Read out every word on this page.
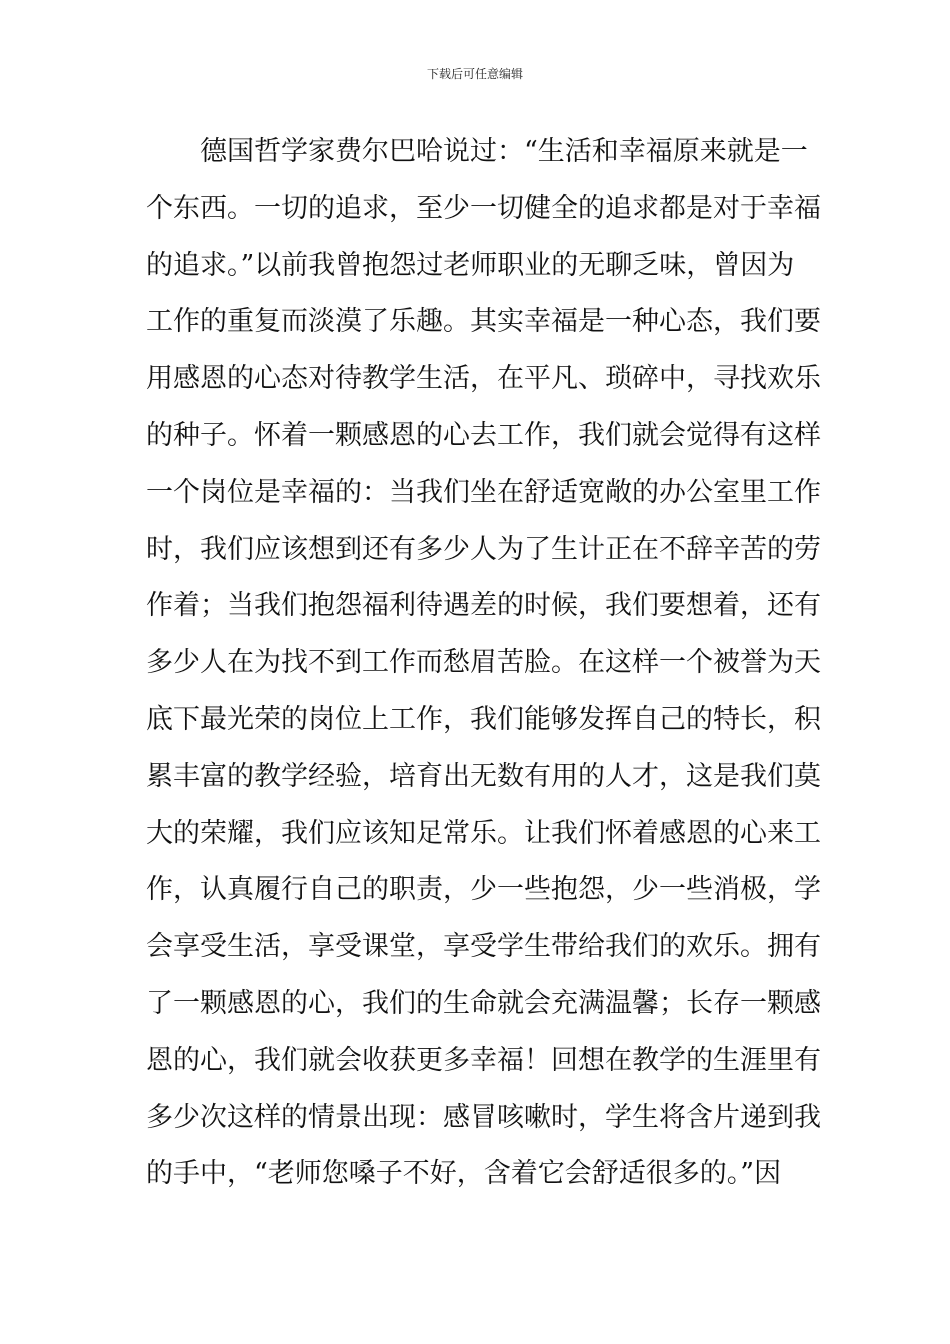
下载后可任意编辑
德国哲学家费尔巴哈说过：“生活和幸福原来就是一
个东西。一切的追求，至少一切健全的追求都是对于幸福
的追求。”以前我曾抱怨过老师职业的无聊乏味，曾因为
工作的重复而淡漠了乐趣。其实幸福是一种心态，我们要
用感恩的心态对待教学生活，在平凡、琐碎中，寻找欢乐
的种子。怀着一颗感恩的心去工作，我们就会觉得有这样
一个岗位是幸福的：当我们坐在舒适宽敞的办公室里工作
时，我们应该想到还有多少人为了生计正在不辞辛苦的劳
作着；当我们抱怨福利待遇差的时候，我们要想着，还有
多少人在为找不到工作而愁眉苦脸。在这样一个被誉为天
底下最光荣的岗位上工作，我们能够发挥自己的特长，积
累丰富的教学经验，培育出无数有用的人才，这是我们莫
大的荣耀，我们应该知足常乐。让我们怀着感恩的心来工
作，认真履行自己的职责，少一些抱怨，少一些消极，学
会享受生活，享受课堂，享受学生带给我们的欢乐。拥有
了一颗感恩的心，我们的生命就会充满温馨；长存一颗感
恩的心，我们就会收获更多幸福！回想在教学的生涯里有
多少次这样的情景出现：感冒咳嗽时，学生将含片递到我
的手中，“老师您嗓子不好，含着它会舒适很多的。”因
